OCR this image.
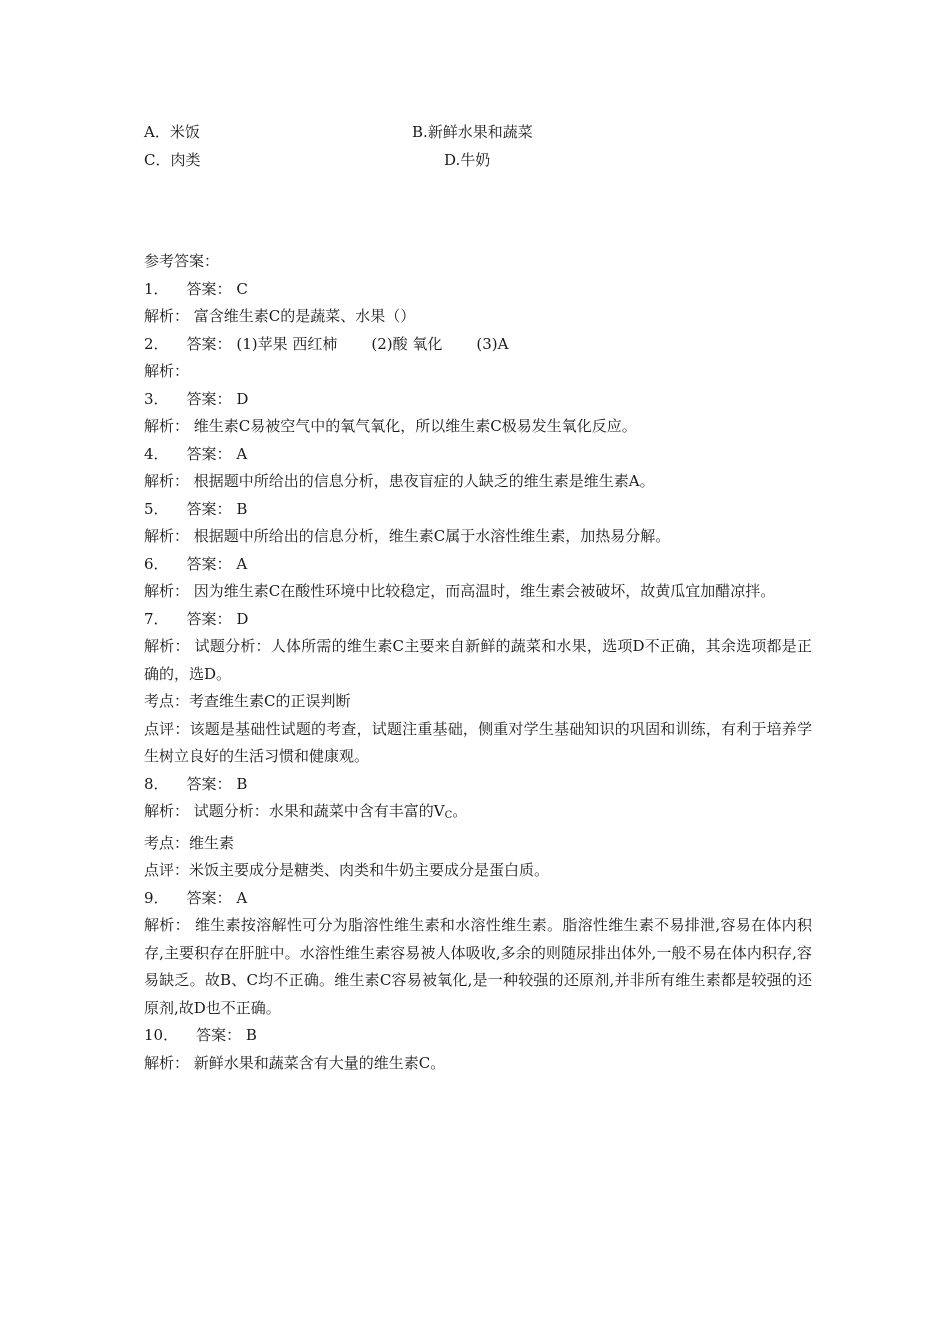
A．米饭	B.新鲜水果和蔬菜
C．肉类	D.牛奶
参考答案：
1． 答案： C
解析： 富含维生素C的是蔬菜、水果（）
2． 答案： (1)苹果 西红柿 (2)酸 氧化 (3)A
解析：
3． 答案： D
解析： 维生素C易被空气中的氧气氧化，所以维生素C极易发生氧化反应。
4． 答案： A
解析： 根据题中所给出的信息分析，患夜盲症的人缺乏的维生素是维生素A。
5． 答案： B
解析： 根据题中所给出的信息分析，维生素C属于水溶性维生素，加热易分解。
6． 答案： A
解析： 因为维生素C在酸性环境中比较稳定，而高温时，维生素会被破坏，故黄瓜宜加醋凉拌。
7． 答案： D
解析： 试题分析：人体所需的维生素C主要来自新鲜的蔬菜和水果，选项D不正确，其余选项都是正确的，选D。
考点：考查维生素C的正误判断
点评：该题是基础性试题的考查，试题注重基础，侧重对学生基础知识的巩固和训练，有利于培养学生树立良好的生活习惯和健康观。
8． 答案： B
解析： 试题分析：水果和蔬菜中含有丰富的$V_C$。
考点：维生素
点评：米饭主要成分是糖类、肉类和牛奶主要成分是蛋白质。
9． 答案： A
解析： 维生素按溶解性可分为脂溶性维生素和水溶性维生素。脂溶性维生素不易排泄,容易在体内积存,主要积存在肝脏中。水溶性维生素容易被人体吸收,多余的则随尿排出体外,一般不易在体内积存,容易缺乏。故B、C均不正确。维生素C容易被氧化,是一种较强的还原剂,并非所有维生素都是较强的还原剂,故D也不正确。
10． 答案： B
解析： 新鲜水果和蔬菜含有大量的维生素C。
